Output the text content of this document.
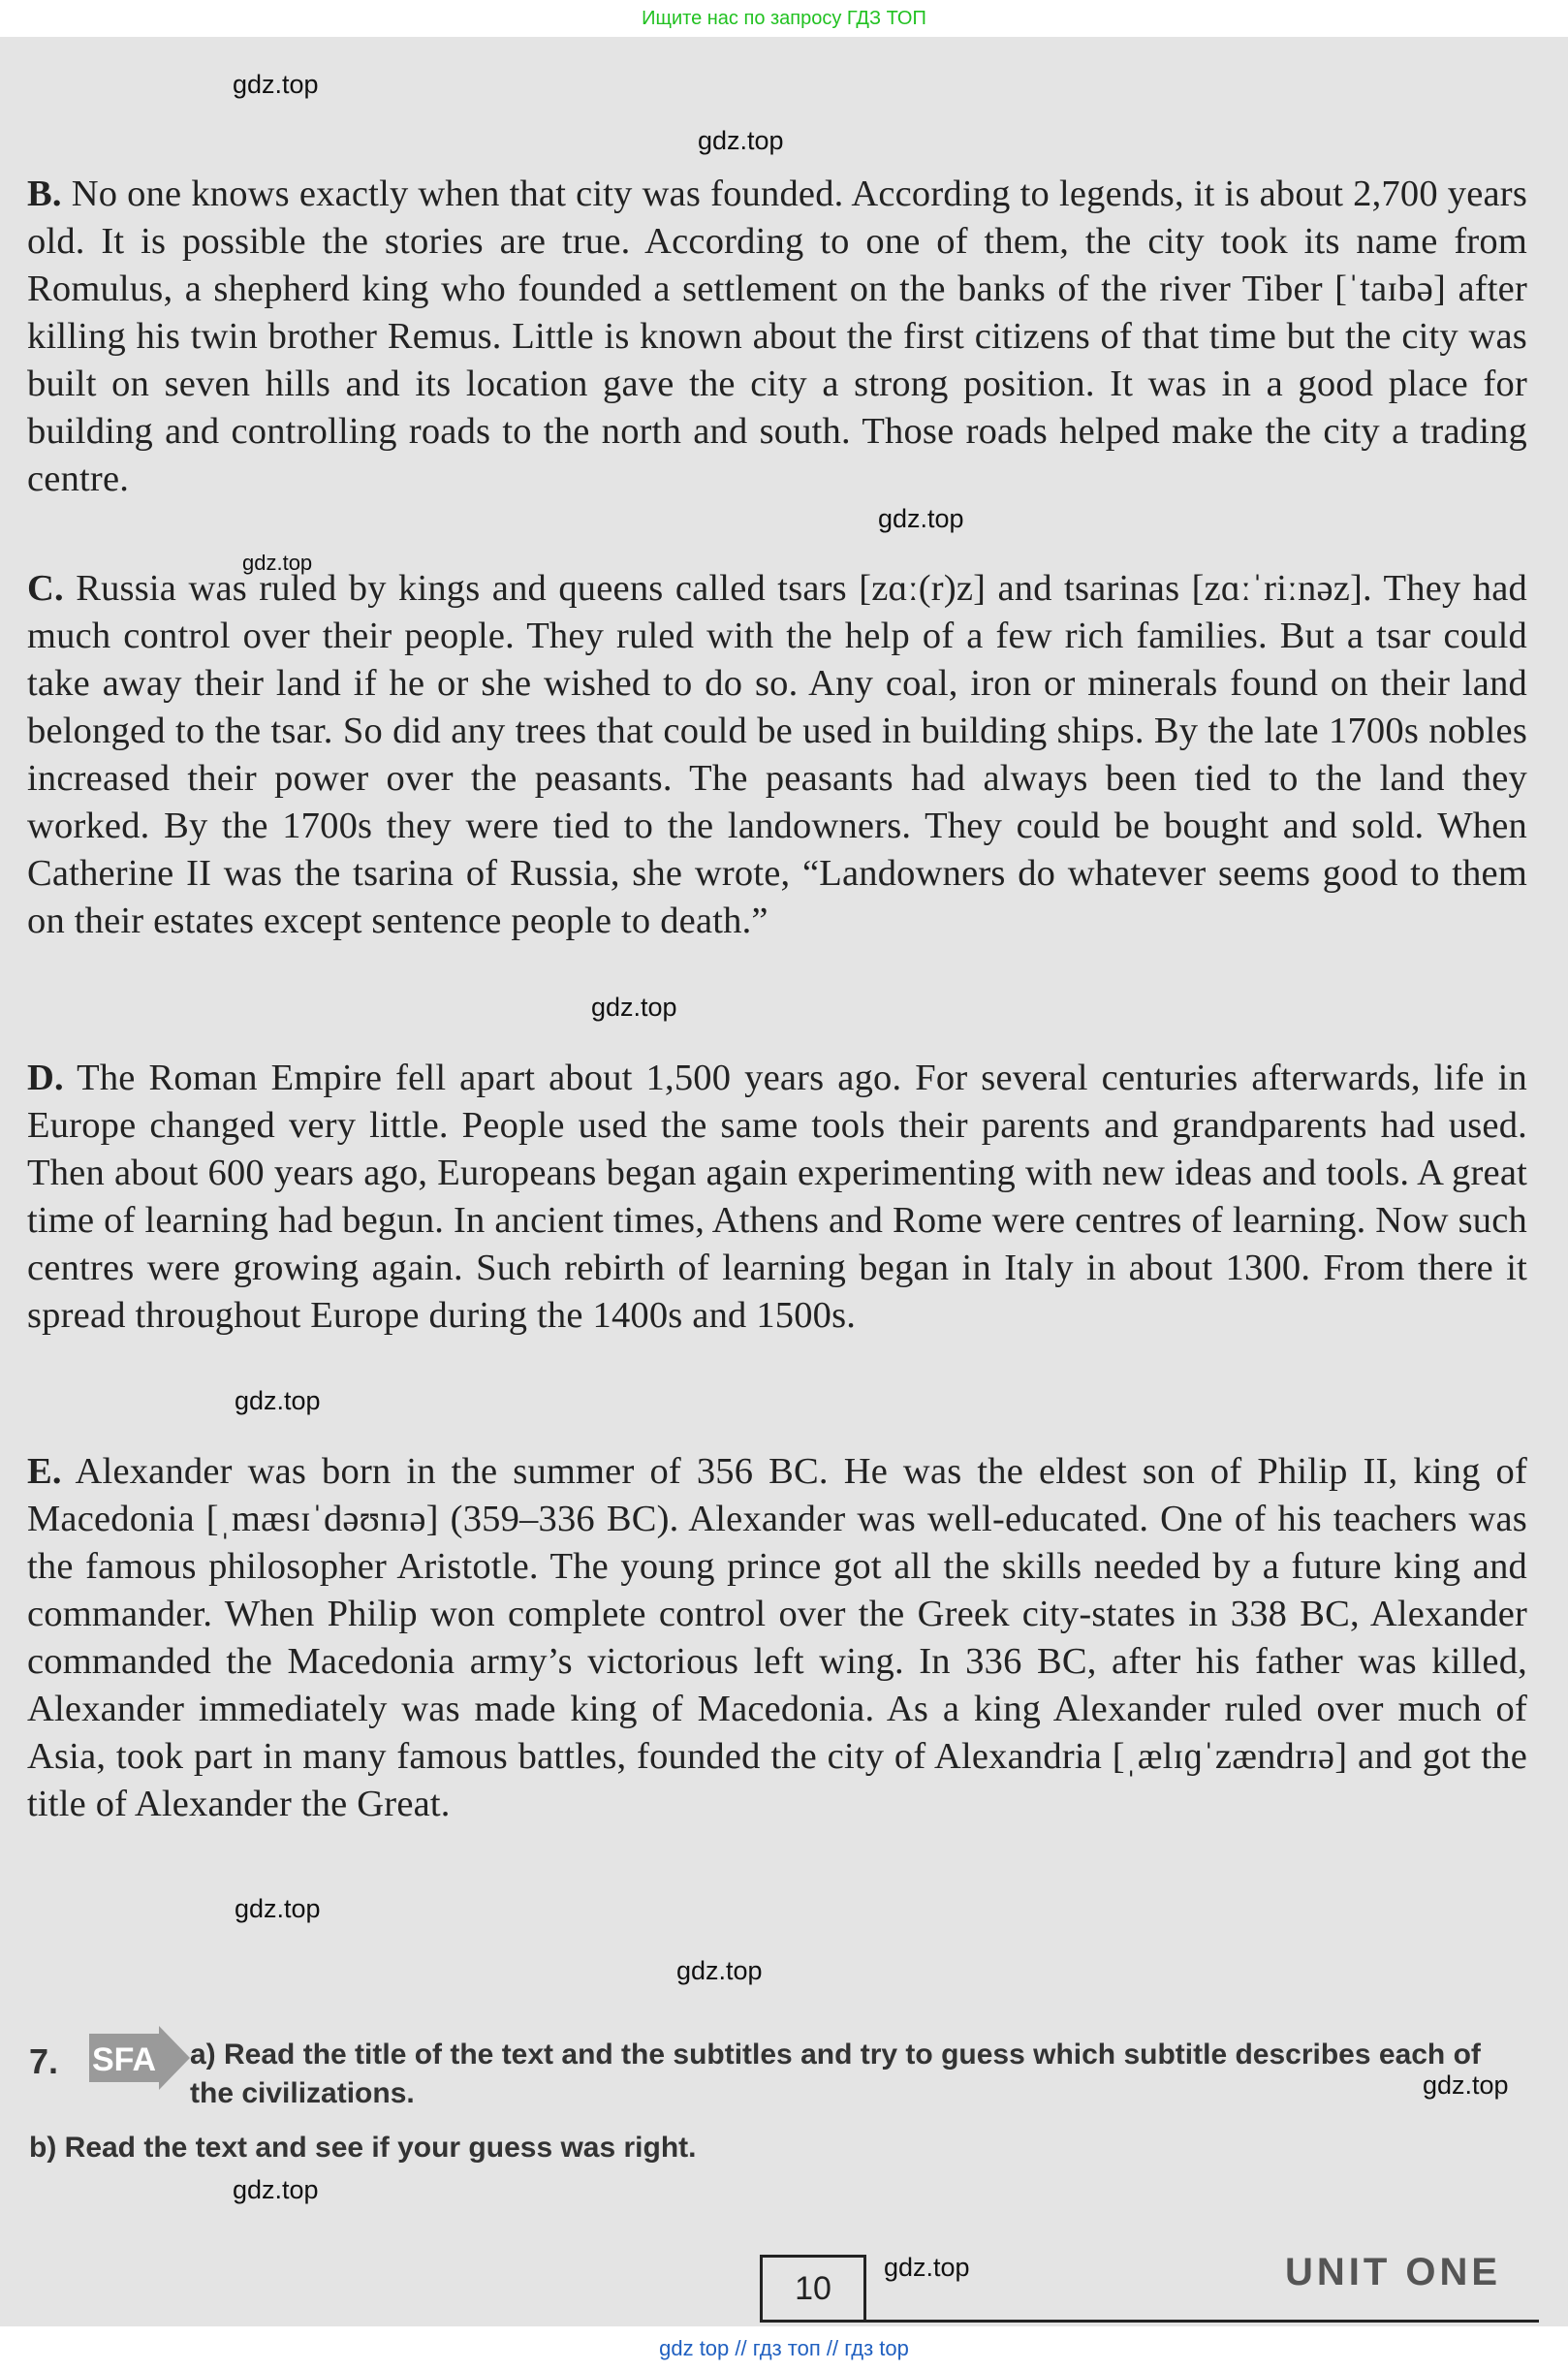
Ищите нас по запросу ГДЗ ТОП
gdz.top
gdz.top
B. No one knows exactly when that city was founded. According to legends, it is about 2,700 years old. It is possible the stories are true. According to one of them, the city took its name from Romulus, a shepherd king who founded a settlement on the banks of the river Tiber [ˈtaɪbə] after killing his twin brother Remus. Little is known about the first citizens of that time but the city was built on seven hills and its location gave the city a strong position. It was in a good place for building and controlling roads to the north and south. Those roads helped make the city a trading centre.
gdz.top
gdz.top
C. Russia was ruled by kings and queens called tsars [zɑː(r)z] and tsarinas [zɑːˈriːnəz]. They had much control over their people. They ruled with the help of a few rich families. But a tsar could take away their land if he or she wished to do so. Any coal, iron or minerals found on their land belonged to the tsar. So did any trees that could be used in building ships. By the late 1700s nobles increased their power over the peasants. The peasants had always been tied to the land they worked. By the 1700s they were tied to the landowners. They could be bought and sold. When Catherine II was the tsarina of Russia, she wrote, “Landowners do whatever seems good to them on their estates except sentence people to death.”
gdz.top
D. The Roman Empire fell apart about 1,500 years ago. For several centuries afterwards, life in Europe changed very little. People used the same tools their parents and grandparents had used. Then about 600 years ago, Europeans began again experimenting with new ideas and tools. A great time of learning had begun. In ancient times, Athens and Rome were centres of learning. Now such centres were growing again. Such rebirth of learning began in Italy in about 1300. From there it spread throughout Europe during the 1400s and 1500s.
gdz.top
E. Alexander was born in the summer of 356 BC. He was the eldest son of Philip II, king of Macedonia [ˌmæsɪˈdəʊnɪə] (359–336 BC). Alexander was well-educated. One of his teachers was the famous philosopher Aristotle. The young prince got all the skills needed by a future king and commander. When Philip won complete control over the Greek city-states in 338 BC, Alexander commanded the Macedonia army’s victorious left wing. In 336 BC, after his father was killed, Alexander immediately was made king of Macedonia. As a king Alexander ruled over much of Asia, took part in many famous battles, founded the city of Alexandria [ˌælɪɡˈzændrɪə] and got the title of Alexander the Great.
gdz.top
gdz.top
7. SFA a) Read the title of the text and the subtitles and try to guess which subtitle describes each of the civilizations.	gdz.top
b) Read the text and see if your guess was right.
gdz.top
10	UNIT ONE
gdz.top
gdz top // гдз топ // гдз top
